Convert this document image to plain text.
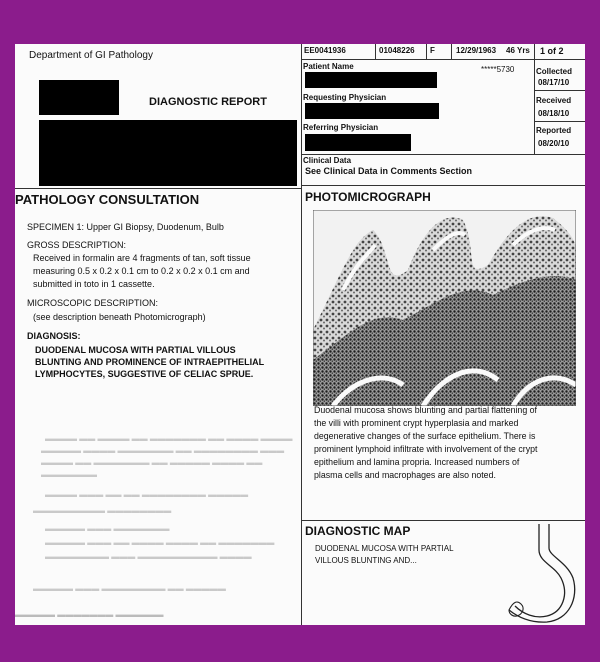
Department of GI Pathology
DIAGNOSTIC REPORT
EE0041936	01048226 F	12/29/1963 46 Yrs 1 of 2
Patient Name	*****5730
Requesting Physician
Referring Physician
Collected
08/17/10
Received
08/18/10
Reported
08/20/10
Clinical Data
See Clinical Data in Comments Section
PATHOLOGY CONSULTATION
SPECIMEN 1: Upper GI Biopsy, Duodenum, Bulb
GROSS DESCRIPTION:
Received in formalin are 4 fragments of tan, soft tissue
measuring 0.5 x 0.2 x 0.1 cm to 0.2 x 0.2 x 0.1 cm and
submitted in toto in 1 cassette.
MICROSCOPIC DESCRIPTION:
(see description beneath Photomicrograph)
DIAGNOSIS:
DUODENAL MUCOSA WITH PARTIAL VILLOUS
BLUNTING AND PROMINENCE OF INTRAEPITHELIAL
LYMPHOCYTES, SUGGESTIVE OF CELIAC SPRUE.
▬▬▬▬ ▬▬ ▬▬▬▬ ▬▬ ▬▬▬▬▬▬▬ ▬▬ ▬▬▬▬ ▬▬▬▬
▬▬▬▬▬ ▬▬▬▬ ▬▬▬▬▬▬▬ ▬▬ ▬▬▬▬▬▬▬▬ ▬▬▬
▬▬▬▬ ▬▬ ▬▬▬▬▬▬▬ ▬▬ ▬▬▬▬▬ ▬▬▬▬ ▬▬
▬▬▬▬▬▬▬
▬▬▬▬ ▬▬▬ ▬▬ ▬▬ ▬▬▬▬▬▬▬▬ ▬▬▬▬▬
▬▬▬▬▬▬▬▬▬ ▬▬▬▬▬▬▬▬
▬▬▬▬▬ ▬▬▬ ▬▬▬▬▬▬▬
▬▬▬▬▬ ▬▬▬ ▬▬ ▬▬▬▬ ▬▬▬▬ ▬▬ ▬▬▬▬▬▬▬
▬▬▬▬▬▬▬▬ ▬▬▬ ▬▬▬▬▬▬▬▬▬▬ ▬▬▬▬
▬▬▬▬▬ ▬▬▬ ▬▬▬▬▬▬▬▬ ▬▬ ▬▬▬▬▬
▬▬▬▬▬ ▬▬▬▬▬▬▬ ▬▬▬▬▬▬
PHOTOMICROGRAPH
Duodenal mucosa shows blunting and partial flattening of
the villi with prominent crypt hyperplasia and marked
degenerative changes of the surface epithelium. There is
prominent lymphoid infiltrate with involvement of the crypt
epithelium and lamina propria. Increased numbers of
plasma cells and macrophages are also noted.
DIAGNOSTIC MAP
DUODENAL MUCOSA WITH PARTIAL
VILLOUS BLUNTING AND...
